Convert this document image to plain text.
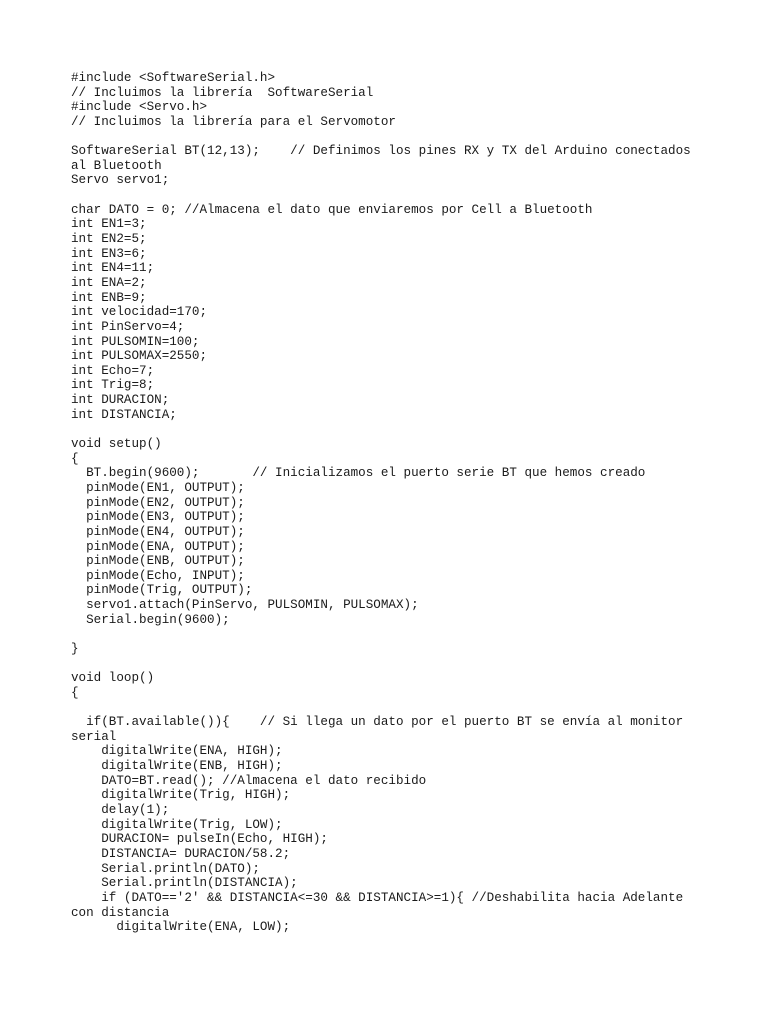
#include <SoftwareSerial.h>
// Incluimos la librería  SoftwareSerial
#include <Servo.h>
// Incluimos la librería para el Servomotor
SoftwareSerial BT(12,13);    // Definimos los pines RX y TX del Arduino conectados
al Bluetooth
Servo servo1;
char DATO = 0; //Almacena el dato que enviaremos por Cell a Bluetooth
int EN1=3;
int EN2=5;
int EN3=6;
int EN4=11;
int ENA=2;
int ENB=9;
int velocidad=170;
int PinServo=4;
int PULSOMIN=100;
int PULSOMAX=2550;
int Echo=7;
int Trig=8;
int DURACION;
int DISTANCIA;
void setup()
{
BT.begin(9600);       // Inicializamos el puerto serie BT que hemos creado
pinMode(EN1, OUTPUT);
pinMode(EN2, OUTPUT);
pinMode(EN3, OUTPUT);
pinMode(EN4, OUTPUT);
pinMode(ENA, OUTPUT);
pinMode(ENB, OUTPUT);
pinMode(Echo, INPUT);
pinMode(Trig, OUTPUT);
servo1.attach(PinServo, PULSOMIN, PULSOMAX);
Serial.begin(9600);
}
void loop()
{
if(BT.available()){    // Si llega un dato por el puerto BT se envía al monitor
serial
digitalWrite(ENA, HIGH);
digitalWrite(ENB, HIGH);
DATO=BT.read(); //Almacena el dato recibido
digitalWrite(Trig, HIGH);
delay(1);
digitalWrite(Trig, LOW);
DURACION= pulseIn(Echo, HIGH);
DISTANCIA= DURACION/58.2;
Serial.println(DATO);
Serial.println(DISTANCIA);
if (DATO=='2' && DISTANCIA<=30 && DISTANCIA>=1){ //Deshabilita hacia Adelante
con distancia
digitalWrite(ENA, LOW);
